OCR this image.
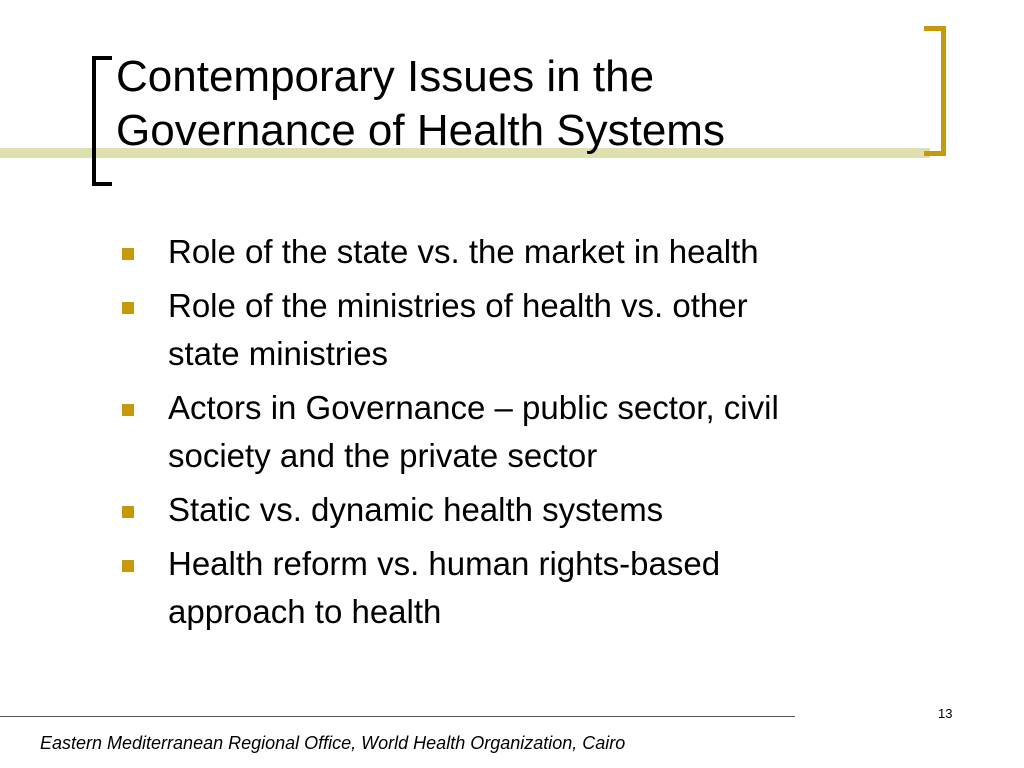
Contemporary Issues in the
Governance of Health Systems
Role of the state vs. the market in health
Role of the ministries of health vs. other
state ministries
Actors in Governance – public sector, civil
society and the private sector
Static vs. dynamic health systems
Health reform vs. human rights-based
approach to health
13
Eastern Mediterranean Regional Office, World Health Organization, Cairo
